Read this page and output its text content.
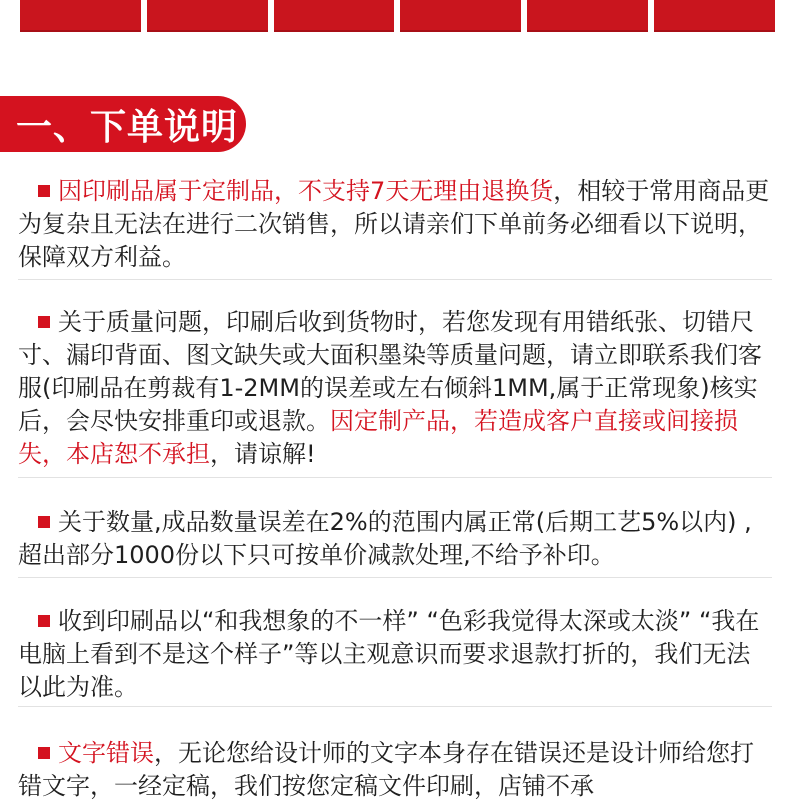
一、下单说明
因印刷品属于定制品，不支持7天无理由退换货，相较于常用商品更为复杂且无法在进行二次销售，所以请亲们下单前务必细看以下说明，保障双方利益。
关于质量问题，印刷后收到货物时，若您发现有用错纸张、切错尺寸、漏印背面、图文缺失或大面积墨染等质量问题，请立即联系我们客服(印刷品在剪裁有1-2MM的误差或左右倾斜1MM,属于正常现象)核实后，会尽快安排重印或退款。因定制产品，若造成客户直接或间接损失，本店恕不承担，请谅解!
关于数量,成品数量误差在2%的范围内属正常(后期工艺5%以内) ,超出部分1000份以下只可按单价减款处理,不给予补印。
收到印刷品以“和我想象的不一样” “色彩我觉得太深或太淡” “我在电脑上看到不是这个样子”等以主观意识而要求退款打折的，我们无法以此为准。
文字错误，无论您给设计师的文字本身存在错误还是设计师给您打错文字，一经定稿，我们按您定稿文件印刷，店铺不承
